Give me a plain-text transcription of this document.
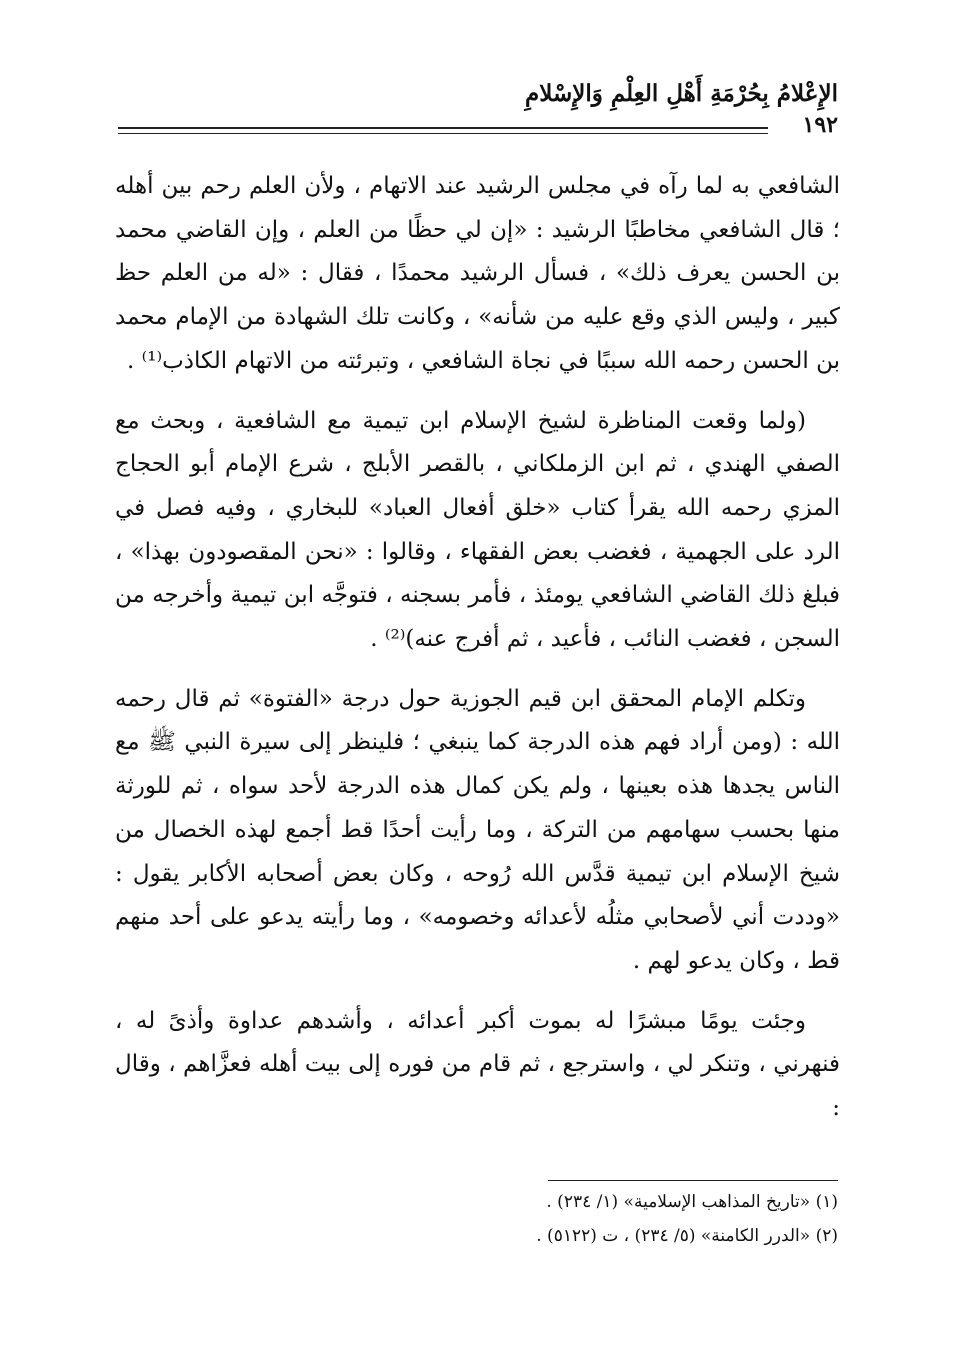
الإِعْلامُ بِحُرْمَةِ أَهْلِ العِلْمِ وَالإِسْلامِ
١٩٢

الشافعي به لما رآه في مجلس الرشيد عند الاتهام ، ولأن العلم رحم بين أهله ؛ قال الشافعي مخاطبًا الرشيد : «إن لي حظًا من العلم ، وإن القاضي محمد بن الحسن يعرف ذلك» ، فسأل الرشيد محمدًا ، فقال : «له من العلم حظ كبير ، وليس الذي وقع عليه من شأنه» ، وكانت تلك الشهادة من الإمام محمد بن الحسن رحمه الله سببًا في نجاة الشافعي ، وتبرئته من الاتهام الكاذب⁽¹⁾ .

(ولما وقعت المناظرة لشيخ الإسلام ابن تيمية مع الشافعية ، وبحث مع الصفي الهندي ، ثم ابن الزملكاني ، بالقصر الأبلج ، شرع الإمام أبو الحجاج المزي رحمه الله يقرأ كتاب «خلق أفعال العباد» للبخاري ، وفيه فصل في الرد على الجهمية ، فغضب بعض الفقهاء ، وقالوا : «نحن المقصودون بهذا» ، فبلغ ذلك القاضي الشافعي يومئذ ، فأمر بسجنه ، فتوجَّه ابن تيمية وأخرجه من السجن ، فغضب النائب ، فأعيد ، ثم أفرج عنه)⁽²⁾ .

وتكلم الإمام المحقق ابن قيم الجوزية حول درجة «الفتوة» ثم قال رحمه الله : (ومن أراد فهم هذه الدرجة كما ينبغي ؛ فلينظر إلى سيرة النبي ﷺ مع الناس يجدها هذه بعينها ، ولم يكن كمال هذه الدرجة لأحد سواه ، ثم للورثة منها بحسب سهامهم من التركة ، وما رأيت أحدًا قط أجمع لهذه الخصال من شيخ الإسلام ابن تيمية قدَّس الله رُوحه ، وكان بعض أصحابه الأكابر يقول : «وددت أني لأصحابي مثلُه لأعدائه وخصومه» ، وما رأيته يدعو على أحد منهم قط ، وكان يدعو لهم .

وجئت يومًا مبشرًا له بموت أكبر أعدائه ، وأشدهم عداوة وأذىً له ، فنهرني ، وتنكر لي ، واسترجع ، ثم قام من فوره إلى بيت أهله فعزَّاهم ، وقال :

(١) «تاريخ المذاهب الإسلامية» (١/ ٢٣٤) .
(٢) «الدرر الكامنة» (٥/ ٢٣٤) ، ت (٥١٢٢) .
